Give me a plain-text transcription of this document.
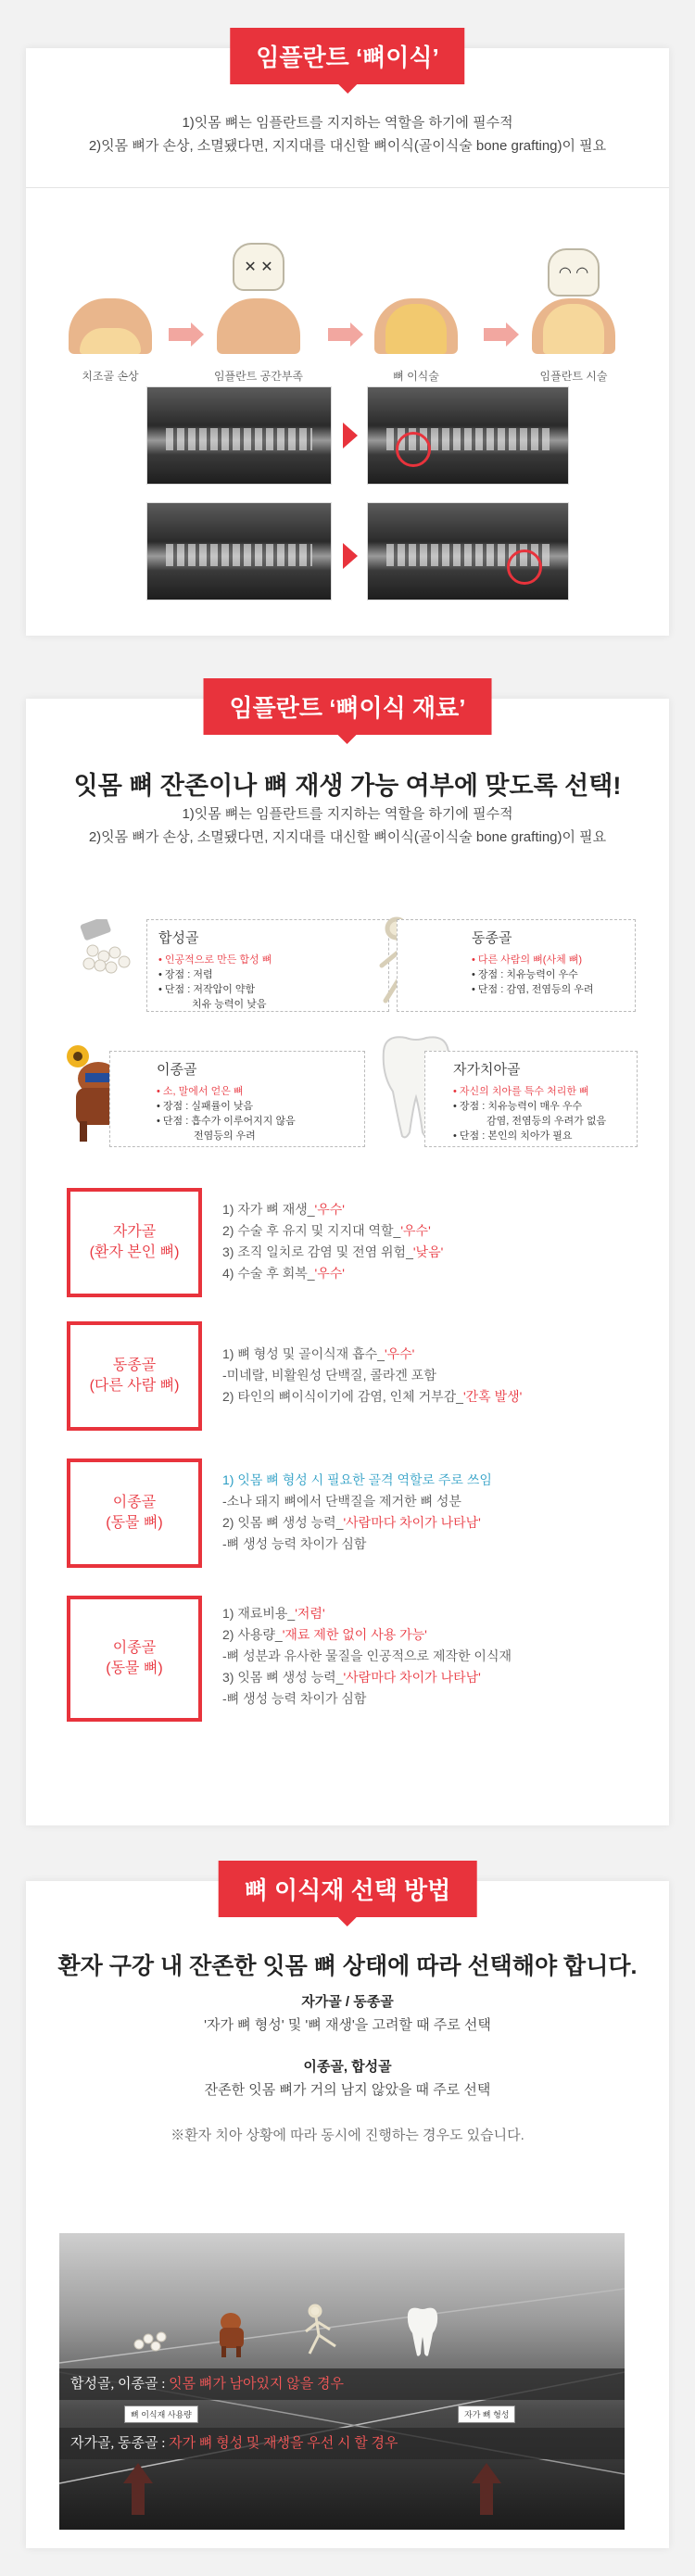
임플란트 ‘뼈이식’

1)잇몸 뼈는 임플란트를 지지하는 역할을 하기에 필수적

2)잇몸 뼈가 손상, 소멸됐다면, 지지대를 대신할 뼈이식(골이식술 bone grafting)이 필요

치조골 손상
✕ ✕
임플란트 공간부족	뼈 이식술
◠ ◠
임플란트 시술
임플란트 ‘뼈이식 재료’
잇몸 뼈 잔존이나 뼈 재생 가능 여부에 맞도록 선택!

1)잇몸 뼈는 임플란트를 지지하는 역할을 하기에 필수적

2)잇몸 뼈가 손상, 소멸됐다면, 지지대를 대신할 뼈이식(골이식술 bone grafting)이 필요

합성골
• 인공적으로 만든 합성 뼈
• 장점 : 저렴
• 단점 : 저작압이 약함
치유 능력이 낮음
동종골
• 다른 사람의 뼈(사체 뼈)
• 장점 : 치유능력이 우수
• 단점 : 감염, 전염등의 우려
이종골
• 소, 말에서 얻은 뼈
• 장점 : 실패률이 낮음
• 단점 : 흡수가 이루어지지 않음
전염등의 우려
자가치아골
• 자신의 치아를 특수 처리한 뼈
• 장점 : 치유능력이 매우 우수
감염, 전염등의 우려가 없음
• 단점 : 본인의 치아가 필요
자가골
(환자 본인 뼈)
1) 자가 뼈 재생_'우수'
2) 수술 후 유지 및 지지대 역할_'우수'
3) 조직 일치로 감염 및 전염 위험_'낮음'
4) 수술 후 회복_'우수'
동종골
(다른 사람 뼈)
1) 뼈 형성 및 골이식재 흡수_'우수'
-미네랄, 비활원성 단백질, 콜라겐 포함
2) 타인의 뼈이식이기에 감염, 인체 거부감_'간혹 발생'
이종골
(동물 뼈)
1) 잇몸 뼈 형성 시 필요한 골격 역할로 주로 쓰임
-소나 돼지 뼈에서 단백질을 제거한 뼈 성분
2) 잇몸 뼈 생성 능력_'사람마다 차이가 나타남'
-뼈 생성 능력 차이가 심함
이종골
(동물 뼈)
1) 재료비용_'저렴'
2) 사용량_'재료 제한 없이 사용 가능'
-뼈 성분과 유사한 물질을 인공적으로 제작한 이식재
3) 잇몸 뼈 생성 능력_'사람마다 차이가 나타남'
-뼈 생성 능력 차이가 심함
뼈 이식재 선택 방법
환자 구강 내 잔존한 잇몸 뼈 상태에 따라 선택해야 합니다.

자가골 / 동종골

'자가 뼈 형성' 및 '뼈 재생'을 고려할 때 주로 선택

이종골, 합성골

잔존한 잇몸 뼈가 거의 남지 않았을 때 주로 선택

※환자 치아 상황에 따라 동시에 진행하는 경우도 있습니다.

합성골, 이종골 : 잇몸 뼈가 남아있지 않을 경우
뼈 이식재 사용량	자가 뼈 형성
자가골, 동종골 : 자가 뼈 형성 및 재생을 우선 시 할 경우
